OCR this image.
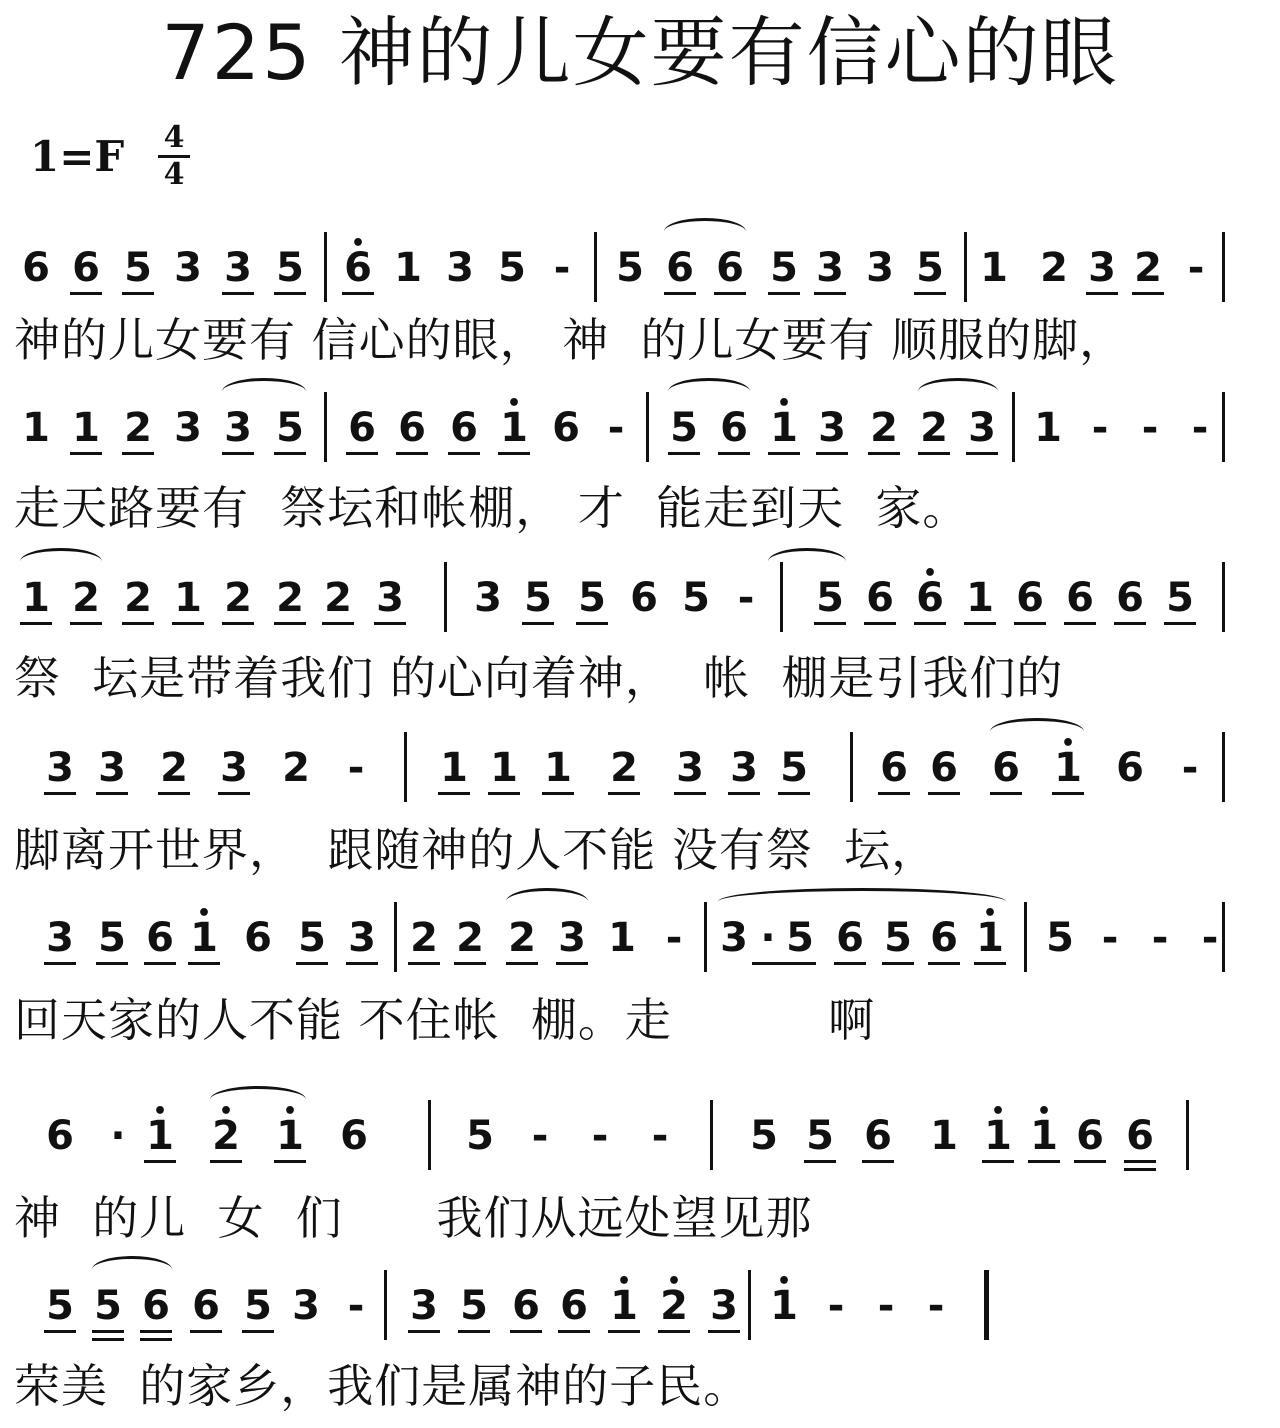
725 神的儿女要有信心的眼
1=F 4
4
6 6 5 3 3 5 • 6 1 3 5 - 5 6 6 5 3 3 5 1 2 3 2 -
神的儿女要有 信心的眼， 神  的儿女要有 顺服的脚，
1 1 2 3 3 5 6 6 6 • 1 6 - 5 6 • 1 3 2 2 3 1 - - -
走天路要有  祭坛和帐棚， 才  能走到天  家。
1 2 2 1 2 2 2 3 3 5 5 6 5 - 5 6 • 6 1 6 6 6 5
祭  坛是带着我们 的心向着神，  帐  棚是引我们的
3 3 2 3 2 - 1 1 1 2 3 3 5 6 6 6 • 1 6 -
脚离开世界，  跟随神的人不能 没有祭  坛，
3 5 6 • 1 6 5 3 2 2 2 3 1 - 3 · 5 6 5 6 • 1 5 - - -
回天家的人不能 不住帐  棚。走          啊
6 · • 1 • 2 • 1 6 5 - - - 5 5 6 1 • 1 • 1 6 6
神  的儿  女  们      我们从远处望见那
5 5 6 6 5 3 - 3 5 6 6 • 1 • 2 3 • 1 - - -
荣美  的家乡，我们是属神的子民。
